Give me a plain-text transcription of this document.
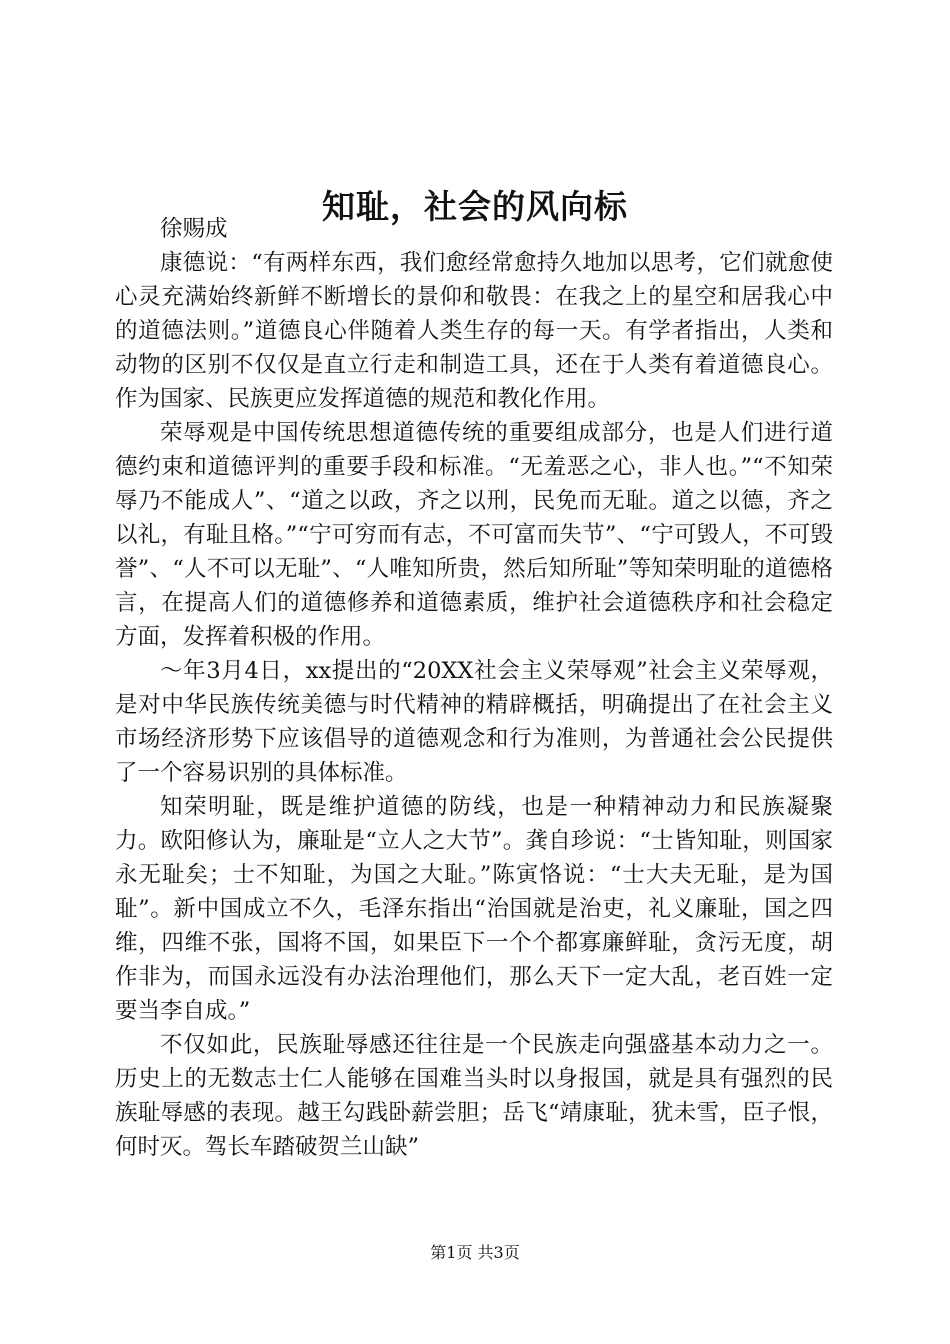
知耻，社会的风向标

徐赐成

康德说：“有两样东西，我们愈经常愈持久地加以思考，它们就愈使心灵充满始终新鲜不断增长的景仰和敬畏：在我之上的星空和居我心中的道德法则。”道德良心伴随着人类生存的每一天。有学者指出，人类和动物的区别不仅仅是直立行走和制造工具，还在于人类有着道德良心。作为国家、民族更应发挥道德的规范和教化作用。

荣辱观是中国传统思想道德传统的重要组成部分，也是人们进行道德约束和道德评判的重要手段和标准。“无羞恶之心，非人也。”“不知荣辱乃不能成人”、“道之以政，齐之以刑，民免而无耻。道之以德，齐之以礼，有耻且格。”“宁可穷而有志，不可富而失节”、“宁可毁人，不可毁誉”、“人不可以无耻”、“人唯知所贵，然后知所耻”等知荣明耻的道德格言，在提高人们的道德修养和道德素质，维护社会道德秩序和社会稳定方面，发挥着积极的作用。

～年3月4日，xx提出的“20XX社会主义荣辱观”社会主义荣辱观，是对中华民族传统美德与时代精神的精辟概括，明确提出了在社会主义市场经济形势下应该倡导的道德观念和行为准则，为普通社会公民提供了一个容易识别的具体标准。

知荣明耻，既是维护道德的防线，也是一种精神动力和民族凝聚力。欧阳修认为，廉耻是“立人之大节”。龚自珍说：“士皆知耻，则国家永无耻矣；士不知耻，为国之大耻。”陈寅恪说：“士大夫无耻，是为国耻”。新中国成立不久，毛泽东指出“治国就是治吏，礼义廉耻，国之四维，四维不张，国将不国，如果臣下一个个都寡廉鲜耻，贪污无度，胡作非为，而国永远没有办法治理他们，那么天下一定大乱，老百姓一定要当李自成。”

不仅如此，民族耻辱感还往往是一个民族走向强盛基本动力之一。历史上的无数志士仁人能够在国难当头时以身报国，就是具有强烈的民族耻辱感的表现。越王勾践卧薪尝胆；岳飞“靖康耻，犹未雪，臣子恨，何时灭。驾长车踏破贺兰山缺”

第1页 共3页
